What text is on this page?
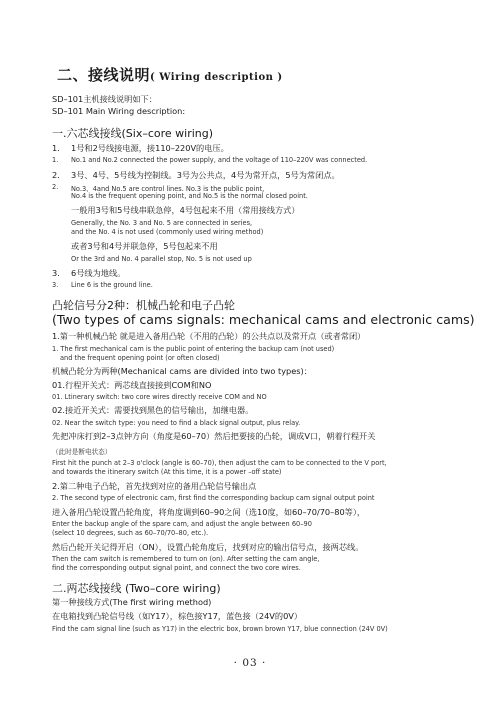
二、接线说明( Wiring description )
SD–101主机接线说明如下：
SD–101 Main Wiring description:
一.六芯线接线(Six–core wiring)
1. 1号和2号线接电源，接110–220V的电压。
1. No.1 and No.2 connected the power supply, and the voltage of 110–220V was connected.
2. 3号、4号、5号线为控制线。3号为公共点，4号为常开点，5号为常闭点。
2. No.3、4and No.5 are control lines. No.3 is the public point,
No.4 is the frequent opening point, and No.5 is the normal closed point.
一般用3号和5号线串联急停，4号包起来不用（常用接线方式）
Generally, the No. 3 and No. 5 are connected in series,
and the No. 4 is not used (commonly used wiring method)
或者3号和4号并联急停，5号包起来不用
Or the 3rd and No. 4 parallel stop, No. 5 is not used up
3. 6号线为地线。
3. Line 6 is the ground line.
凸轮信号分2种：机械凸轮和电子凸轮
(Two types of cams signals: mechanical cams and electronic cams)
1.第一种机械凸轮 就是进入备用凸轮（不用的凸轮）的公共点以及常开点（或者常闭）
1. The first mechanical cam is the public point of entering the backup cam (not used)
and the frequent opening point (or often closed)
机械凸轮分为两种(Mechanical cams are divided into two types)：
01.行程开关式：两芯线直接接到COM和NO
01. Ltinerary switch: two core wires directly receive COM and NO
02.接近开关式：需要找到黑色的信号输出，加继电器。
02. Near the switch type: you need to find a black signal output, plus relay.
先把冲床打到2–3点钟方向（角度是60–70）然后把要接的凸轮，调成V口，朝着行程开关
（此时是断电状态）
First hit the punch at 2–3 o'clock (angle is 60–70), then adjust the cam to be connected to the V port,
and towards the itinerary switch (At this time, it is a power –off state)
2.第二种电子凸轮，首先找到对应的备用凸轮信号输出点
2. The second type of electronic cam, first find the corresponding backup cam signal output point
进入备用凸轮设置凸轮角度，将角度调到60–90之间（选10度，如60–70/70–80等），
Enter the backup angle of the spare cam, and adjust the angle between 60–90
(select 10 degrees, such as 60–70/70–80, etc.).
然后凸轮开关记得开启（ON），设置凸轮角度后，找到对应的输出信号点，接两芯线。
Then the cam switch is remembered to turn on (on). After setting the cam angle,
find the corresponding output signal point, and connect the two core wires.
二.两芯线接线 (Two–core wiring)
第一种接线方式(The first wiring method)
在电箱找到凸轮信号线（如Y17），棕色接Y17，蓝色接（24V的0V）
Find the cam signal line (such as Y17) in the electric box, brown brown Y17, blue connection (24V 0V)
· 03 ·
